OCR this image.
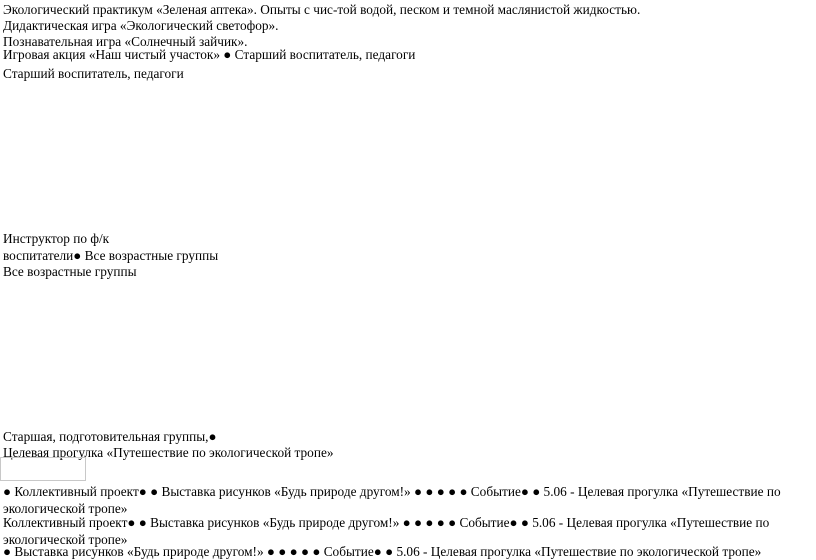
Экологический практикум «Зеленая аптека». Опыты с чис-той водой, песком и темной маслянистой жидкостью.
Дидактическая игра «Экологический светофор».
Познавательная игра «Солнечный зайчик».
Игровая акция «Наш чистый участок» ● Старший воспитатель, педагоги
Старший воспитатель, педагоги
Инструктор по ф/к
воспитатели● Все возрастные группы
Все возрастные группы
Старшая, подготовительная группы,●
Целевая прогулка «Путешествие по экологической тропе»
● Коллективный проект● ● Выставка рисунков «Будь природе другом!» ● ● ● ● ● Событие● ● 5.06 - Целевая прогулка «Путешествие по экологической тропе»
Коллективный проект● ● Выставка рисунков «Будь природе другом!» ● ● ● ● ● Событие● ● 5.06 - Целевая прогулка «Путешествие по экологической тропе»
● Выставка рисунков «Будь природе другом!» ● ● ● ● ● Событие● ● 5.06 - Целевая прогулка «Путешествие по экологической тропе»
